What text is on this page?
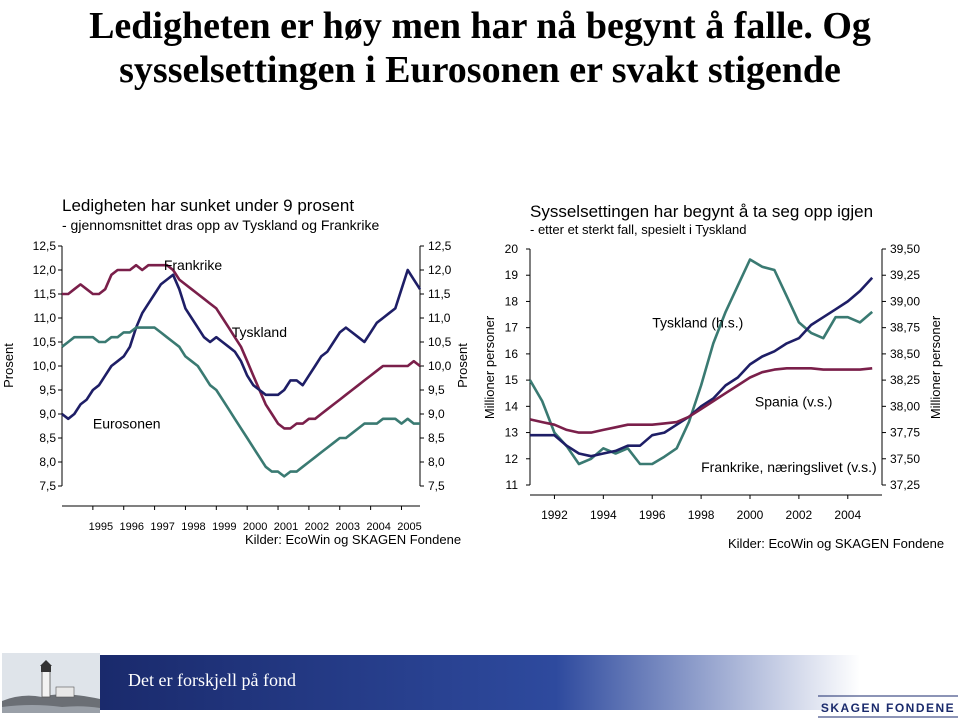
Ledigheten er høy men har nå begynt å falle. Og
sysselsettingen i Eurosonen er svakt stigende
Ledigheten har sunket under 9 prosent
- gjennomsnittet dras opp av Tyskland og Frankrike
Prosent	Prosent
Kilder: EcoWin og SKAGEN Fondene
12,5	12,5
12,0	12,0
11,5	11,5
11,0	11,0
10,5	10,5
10,0	10,0
9,5	9,5
9,0	9,0
8,5	8,5
8,0	8,0
7,5	7,5
1995 1996 1997 1998 1999 2000 2001 2002 2003 2004 2005
Frankrike
Tyskland
Eurosonen
Sysselsettingen har begynt å ta seg opp igjen
- etter et sterkt fall, spesielt i Tyskland
Millioner personer	Millioner personer
Kilder: EcoWin og SKAGEN Fondene
20
19
18
17
16
15
14
13
12
11
39,50
39,25
39,00
38,75
38,50
38,25
38,00
37,75
37,50
37,25
1992 1994 1996 1998 2000 2002 2004
Tyskland (h.s.)
Spania (v.s.)
Frankrike, næringslivet (v.s.)
Det er forskjell på fond
SKAGEN FONDENE
